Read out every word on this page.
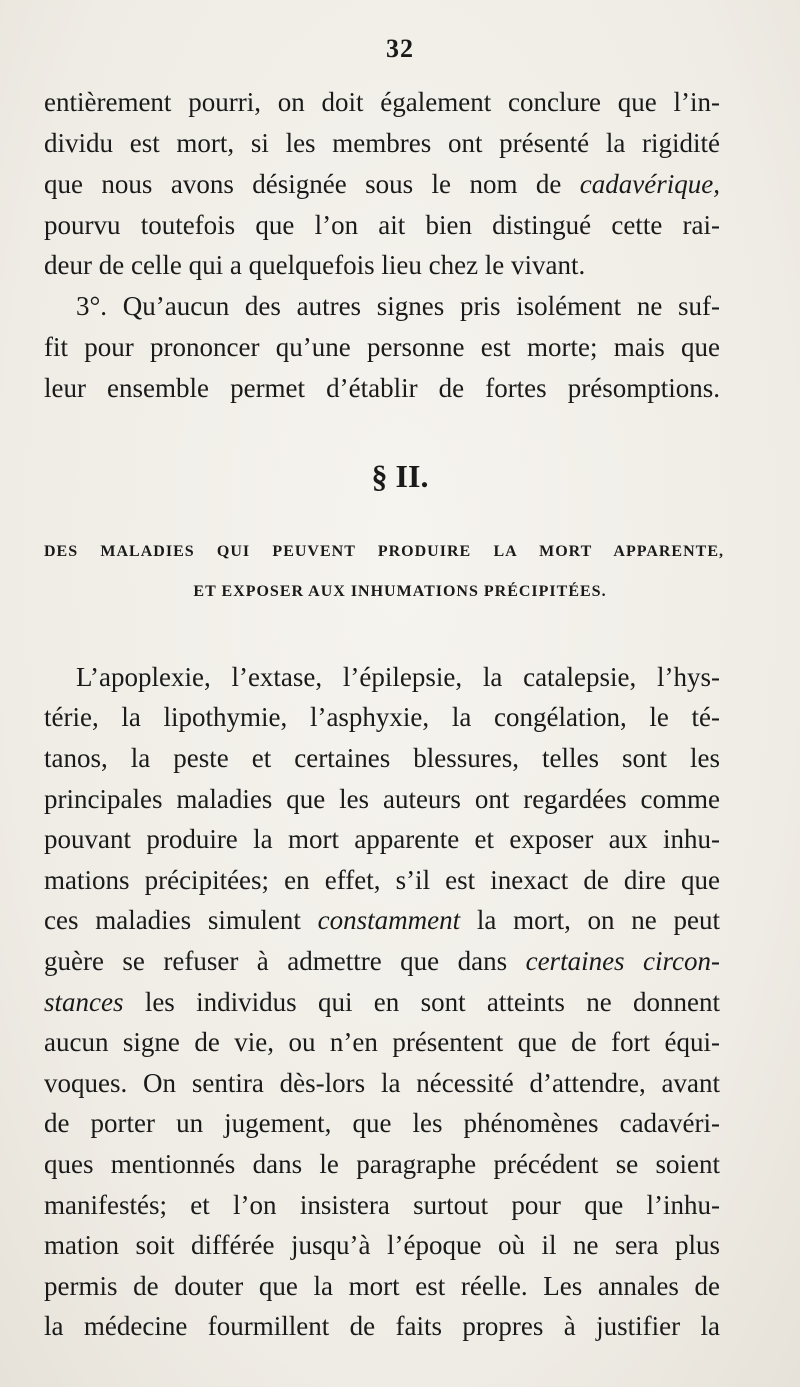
32
entièrement pourri, on doit également conclure que l’in-
dividu est mort, si les membres ont présenté la rigidité
que nous avons désignée sous le nom de cadavérique,
pourvu toutefois que l’on ait bien distingué cette rai-
deur de celle qui a quelquefois lieu chez le vivant.
3°. Qu’aucun des autres signes pris isolément ne suf-
fit pour prononcer qu’une personne est morte; mais que
leur ensemble permet d’établir de fortes présomptions.
§ II.
DES MALADIES QUI PEUVENT PRODUIRE LA MORT APPARENTE,
ET EXPOSER AUX INHUMATIONS PRÉCIPITÉES.
L’apoplexie, l’extase, l’épilepsie, la catalepsie, l’hys-
térie, la lipothymie, l’asphyxie, la congélation, le té-
tanos, la peste et certaines blessures, telles sont les
principales maladies que les auteurs ont regardées comme
pouvant produire la mort apparente et exposer aux inhu-
mations précipitées; en effet, s’il est inexact de dire que
ces maladies simulent constamment la mort, on ne peut
guère se refuser à admettre que dans certaines circon-
stances les individus qui en sont atteints ne donnent
aucun signe de vie, ou n’en présentent que de fort équi-
voques. On sentira dès-lors la nécessité d’attendre, avant
de porter un jugement, que les phénomènes cadavéri-
ques mentionnés dans le paragraphe précédent se soient
manifestés; et l’on insistera surtout pour que l’inhu-
mation soit différée jusqu’à l’époque où il ne sera plus
permis de douter que la mort est réelle. Les annales de
la médecine fourmillent de faits propres à justifier la
